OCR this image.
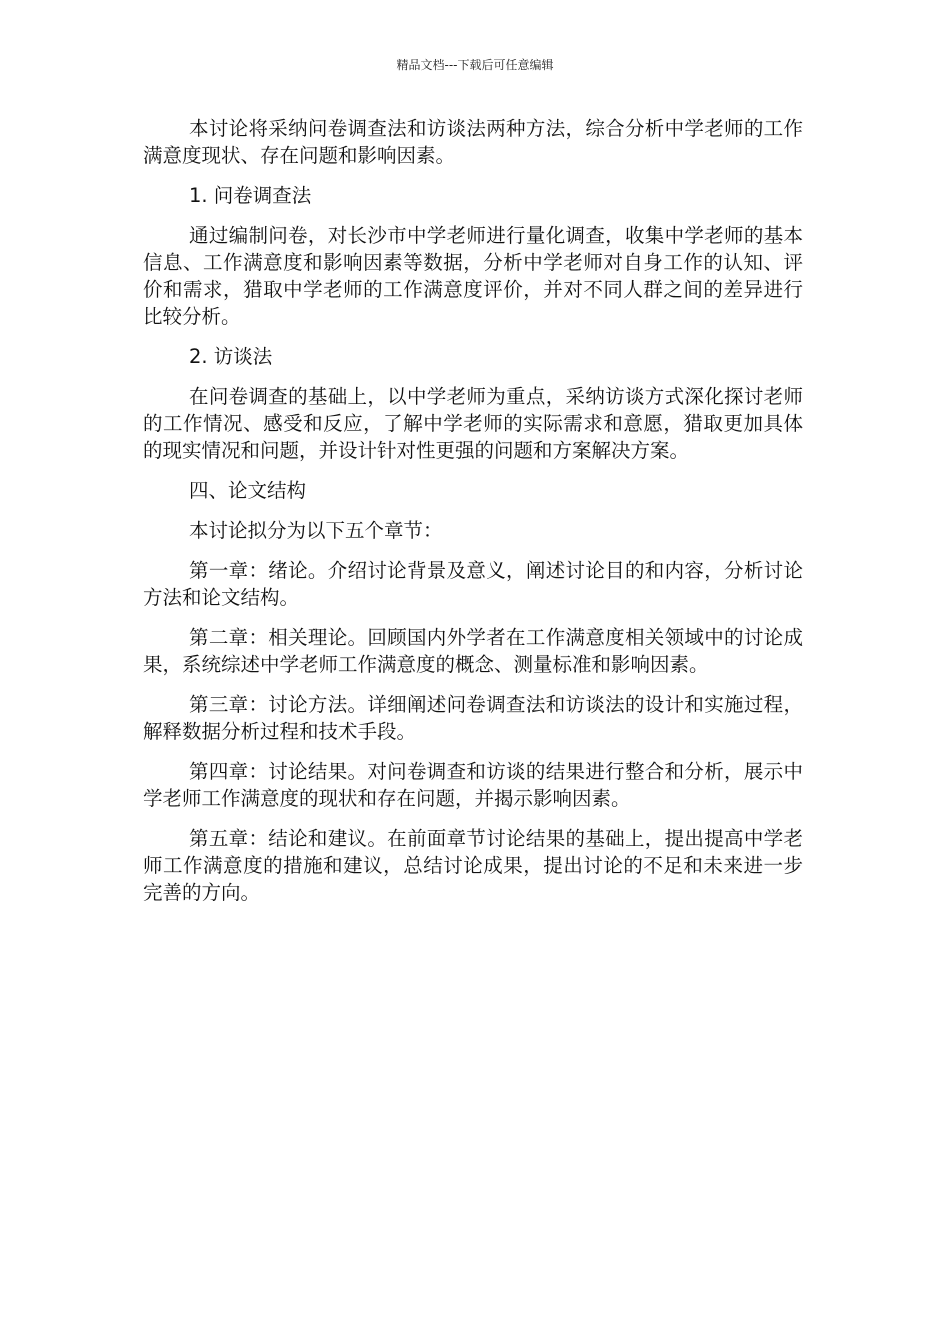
精品文档---下载后可任意编辑

本讨论将采纳问卷调查法和访谈法两种方法，综合分析中学老师的工作满意度现状、存在问题和影响因素。

1. 问卷调查法

通过编制问卷，对长沙市中学老师进行量化调查，收集中学老师的基本信息、工作满意度和影响因素等数据，分析中学老师对自身工作的认知、评价和需求，猎取中学老师的工作满意度评价，并对不同人群之间的差异进行比较分析。

2. 访谈法

在问卷调查的基础上，以中学老师为重点，采纳访谈方式深化探讨老师的工作情况、感受和反应，了解中学老师的实际需求和意愿，猎取更加具体的现实情况和问题，并设计针对性更强的问题和方案解决方案。

四、论文结构

本讨论拟分为以下五个章节：

第一章：绪论。介绍讨论背景及意义，阐述讨论目的和内容，分析讨论方法和论文结构。

第二章：相关理论。回顾国内外学者在工作满意度相关领域中的讨论成果，系统综述中学老师工作满意度的概念、测量标准和影响因素。

第三章：讨论方法。详细阐述问卷调查法和访谈法的设计和实施过程，解释数据分析过程和技术手段。

第四章：讨论结果。对问卷调查和访谈的结果进行整合和分析，展示中学老师工作满意度的现状和存在问题，并揭示影响因素。

第五章：结论和建议。在前面章节讨论结果的基础上，提出提高中学老师工作满意度的措施和建议，总结讨论成果，提出讨论的不足和未来进一步完善的方向。
